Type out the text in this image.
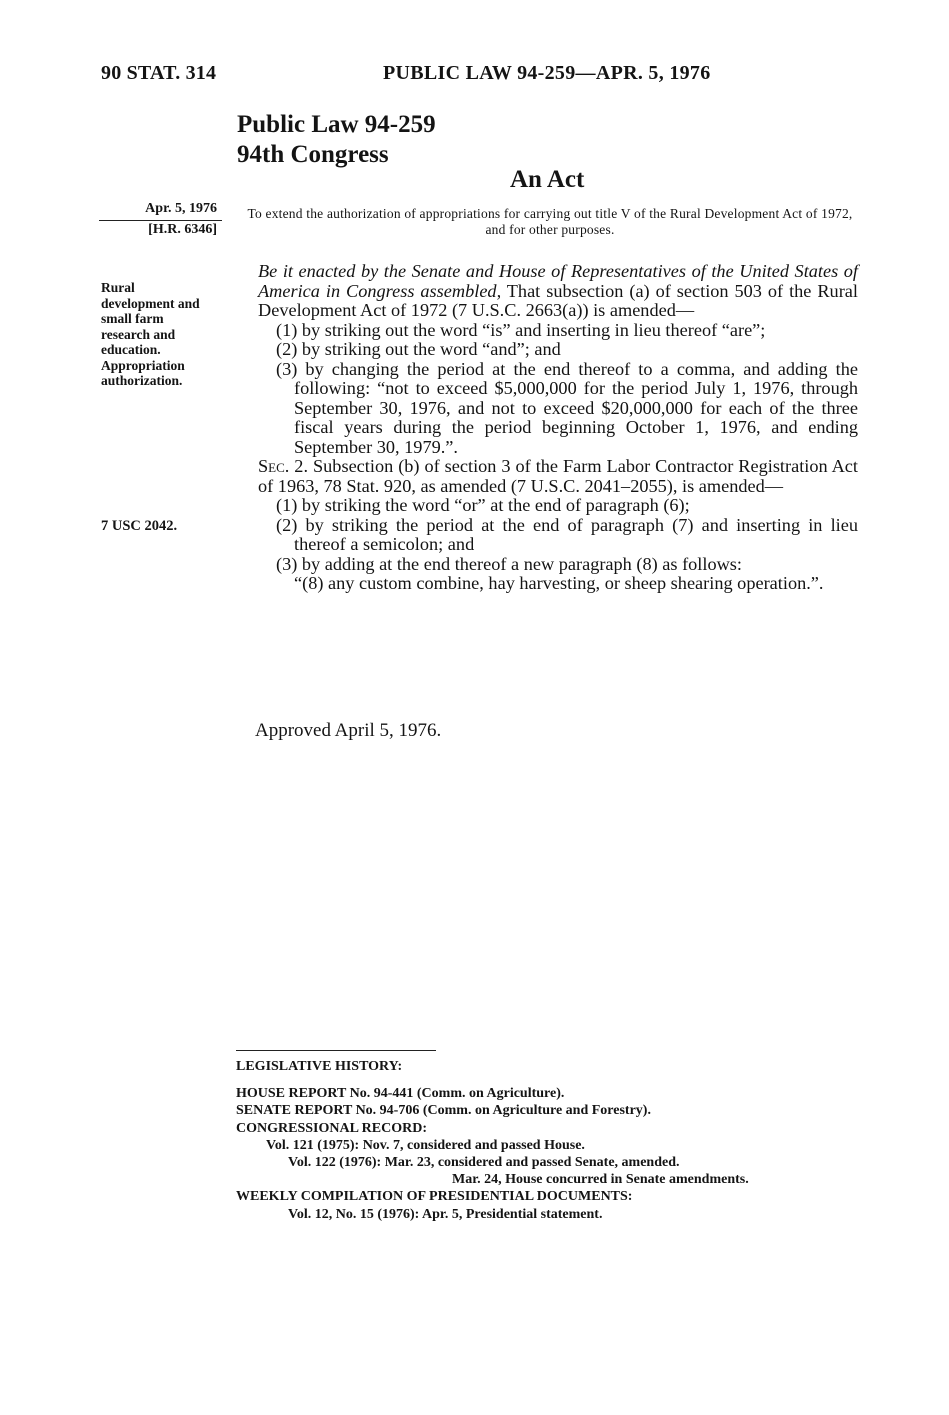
90 STAT. 314	PUBLIC LAW 94-259—APR. 5, 1976
Public Law 94-259
94th Congress
An Act
Apr. 5, 1976
[H.R. 6346]
To extend the authorization of appropriations for carrying out title V of the Rural Development Act of 1972, and for other purposes.
Rural
development and
small farm
research and
education.
Appropriation
authorization.
7 USC 2042.

Be it enacted by the Senate and House of Representatives of the United States of America in Congress assembled, That subsection (a) of section 503 of the Rural Development Act of 1972 (7 U.S.C. 2663(a)) is amended—

(1) by striking out the word “is” and inserting in lieu thereof “are”;

(2) by striking out the word “and”; and

(3) by changing the period at the end thereof to a comma, and adding the following: “not to exceed $5,000,000 for the period July 1, 1976, through September 30, 1976, and not to exceed $20,000,000 for each of the three fiscal years during the period beginning October 1, 1976, and ending September 30, 1979.”.

Sec. 2. Subsection (b) of section 3 of the Farm Labor Contractor Registration Act of 1963, 78 Stat. 920, as amended (7 U.S.C. 2041–2055), is amended—

(1) by striking the word “or” at the end of paragraph (6);

(2) by striking the period at the end of paragraph (7) and inserting in lieu thereof a semicolon; and

(3) by adding at the end thereof a new paragraph (8) as follows:

“(8) any custom combine, hay harvesting, or sheep shearing operation.”.

Approved April 5, 1976.
LEGISLATIVE HISTORY:
HOUSE REPORT No. 94-441 (Comm. on Agriculture).
SENATE REPORT No. 94-706 (Comm. on Agriculture and Forestry).
CONGRESSIONAL RECORD:
Vol. 121 (1975): Nov. 7, considered and passed House.
Vol. 122 (1976): Mar. 23, considered and passed Senate, amended.
Mar. 24, House concurred in Senate amendments.
WEEKLY COMPILATION OF PRESIDENTIAL DOCUMENTS:
Vol. 12, No. 15 (1976): Apr. 5, Presidential statement.
